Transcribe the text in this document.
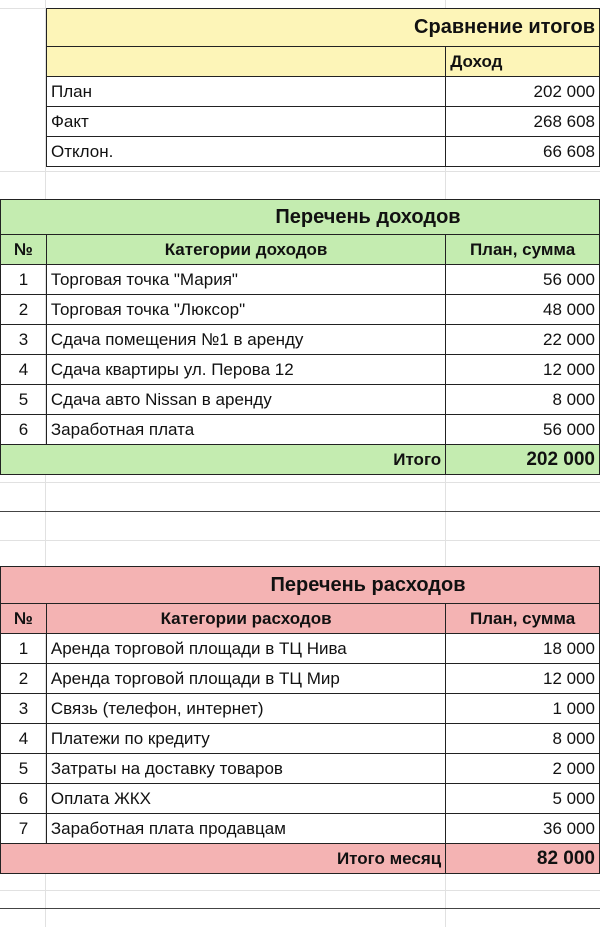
Сравнение итогов	
	Доход
План	202 000
Факт	268 608
Отклон.	66 608
Перечень доходов		
№	Категории доходов	План, сумма
1	Торговая точка "Мария"	56 000
2	Торговая точка "Люксор"	48 000
3	Сдача помещения №1 в аренду	22 000
4	Сдача квартиры ул. Перова 12	12 000
5	Сдача авто Nissan в аренду	8 000
6	Заработная плата	56 000
Итого		202 000
Перечень расходов		
№	Категории расходов	План, сумма
1	Аренда торговой площади в ТЦ Нива	18 000
2	Аренда торговой площади в ТЦ Мир	12 000
3	Связь (телефон, интернет)	1 000
4	Платежи по кредиту	8 000
5	Затраты на доставку товаров	2 000
6	Оплата ЖКХ	5 000
7	Заработная плата продавцам	36 000
Итого месяц		82 000
